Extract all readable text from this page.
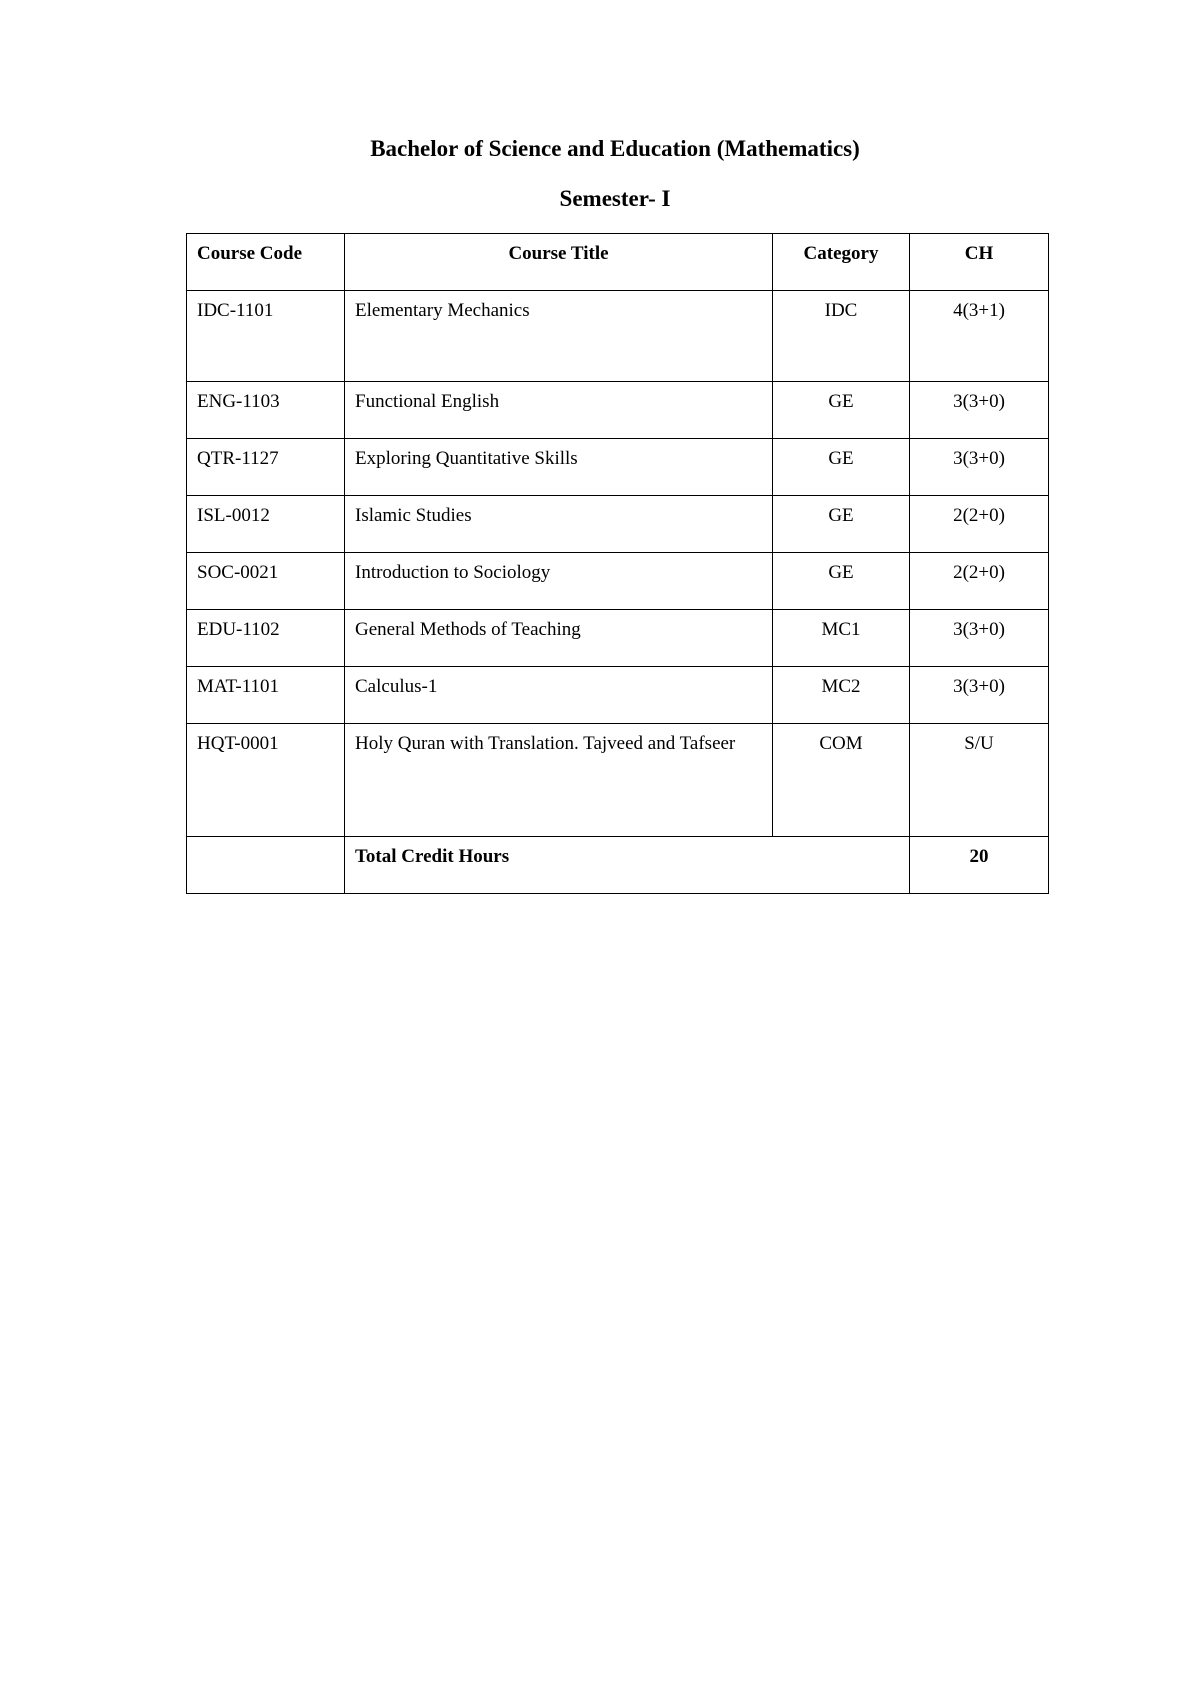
Bachelor of Science and Education (Mathematics)
Semester- I
Course Code	Course Title	Category	CH
IDC-1101	Elementary Mechanics	IDC	4(3+1)
ENG-1103	Functional English	GE	3(3+0)
QTR-1127	Exploring Quantitative Skills	GE	3(3+0)
ISL-0012	Islamic Studies	GE	2(2+0)
SOC-0021	Introduction to Sociology	GE	2(2+0)
EDU-1102	General Methods of Teaching	MC1	3(3+0)
MAT-1101	Calculus-1	MC2	3(3+0)
HQT-0001	Holy Quran with Translation. Tajveed and Tafseer	COM	S/U
	Total Credit Hours		20
